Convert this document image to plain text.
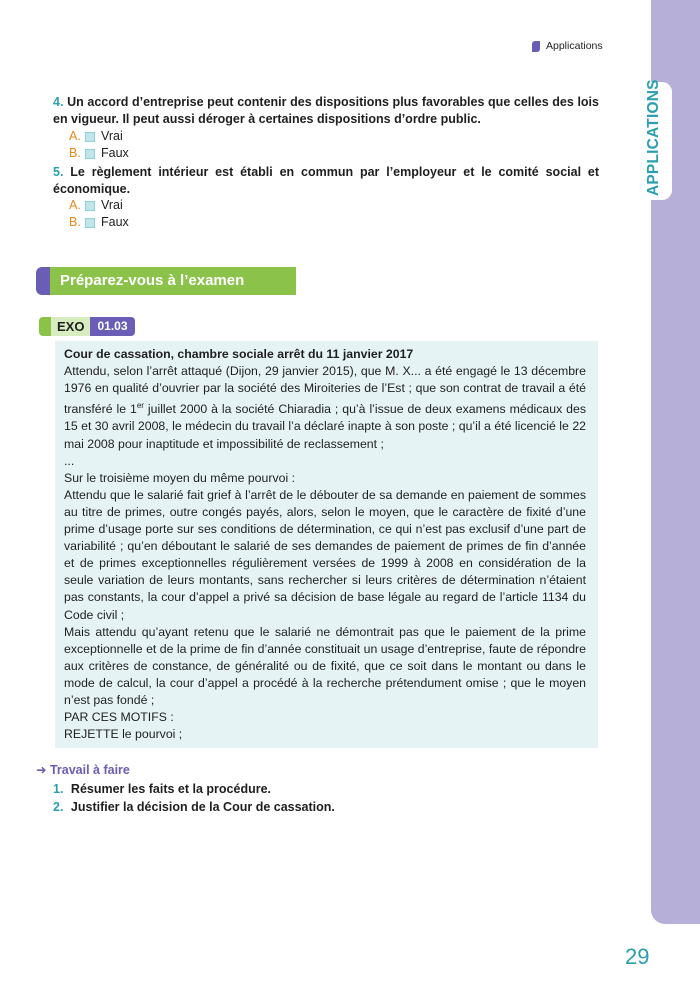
APPLICATIONS
Applications
4. Un accord d’entreprise peut contenir des dispositions plus favorables que celles des lois en vigueur. Il peut aussi déroger à certaines dispositions d’ordre public.
A.	Vrai
B.	Faux
5. Le règlement intérieur est établi en commun par l’employeur et le comité social et économique.
A.	Vrai
B.	Faux
Préparez-vous à l’examen
EXO	01.03

Cour de cassation, chambre sociale arrêt du 11 janvier 2017

Attendu, selon l’arrêt attaqué (Dijon, 29 janvier 2015), que M. X... a été engagé le 13 décembre 1976 en qualité d’ouvrier par la société des Miroiteries de l’Est ; que son contrat de travail a été transféré le 1er juillet 2000 à la société Chiaradia ; qu’à l’issue de deux examens médicaux des 15 et 30 avril 2008, le médecin du travail l’a déclaré inapte à son poste ; qu’il a été licencié le 22 mai 2008 pour inaptitude et impossibilité de reclassement ;

...

Sur le troisième moyen du même pourvoi :

Attendu que le salarié fait grief à l’arrêt de le débouter de sa demande en paiement de sommes au titre de primes, outre congés payés, alors, selon le moyen, que le caractère de fixité d’une prime d’usage porte sur ses conditions de détermination, ce qui n’est pas exclusif d’une part de variabilité ; qu’en déboutant le salarié de ses demandes de paiement de primes de fin d’année et de primes exceptionnelles régulièrement versées de 1999 à 2008 en considération de la seule variation de leurs montants, sans rechercher si leurs critères de détermination n’étaient pas constants, la cour d’appel a privé sa décision de base légale au regard de l’article 1134 du Code civil ;

Mais attendu qu’ayant retenu que le salarié ne démontrait pas que le paiement de la prime exceptionnelle et de la prime de fin d’année constituait un usage d’entreprise, faute de répondre aux critères de constance, de généralité ou de fixité, que ce soit dans le montant ou dans le mode de calcul, la cour d’appel a procédé à la recherche prétendument omise ; que le moyen n’est pas fondé ;

PAR CES MOTIFS :

REJETTE le pourvoi ;

➜ Travail à faire
1. Résumer les faits et la procédure.
2. Justifier la décision de la Cour de cassation.
29
